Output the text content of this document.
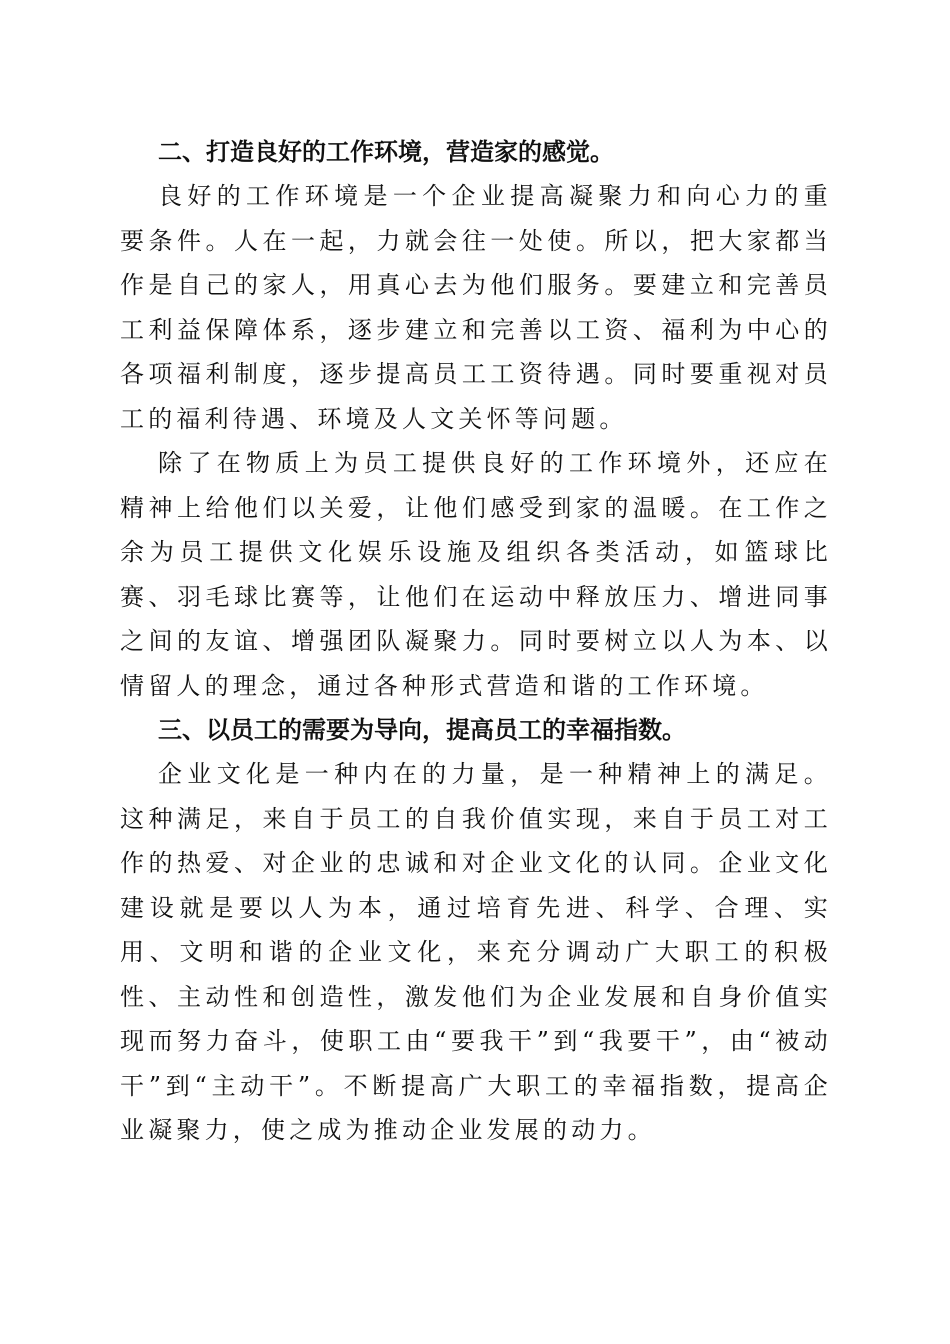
二、打造良好的工作环境，营造家的感觉。

良好的工作环境是一个企业提高凝聚力和向心力的重要条件。人在一起，力就会往一处使。所以，把大家都当作是自己的家人，用真心去为他们服务。要建立和完善员工利益保障体系，逐步建立和完善以工资、福利为中心的各项福利制度，逐步提高员工工资待遇。同时要重视对员工的福利待遇、环境及人文关怀等问题。

除了在物质上为员工提供良好的工作环境外，还应在精神上给他们以关爱，让他们感受到家的温暖。在工作之余为员工提供文化娱乐设施及组织各类活动，如篮球比赛、羽毛球比赛等，让他们在运动中释放压力、增进同事之间的友谊、增强团队凝聚力。同时要树立以人为本、以情留人的理念，通过各种形式营造和谐的工作环境。

三、以员工的需要为导向，提高员工的幸福指数。

企业文化是一种内在的力量，是一种精神上的满足。这种满足，来自于员工的自我价值实现，来自于员工对工作的热爱、对企业的忠诚和对企业文化的认同。企业文化建设就是要以人为本，通过培育先进、科学、合理、实用、文明和谐的企业文化，来充分调动广大职工的积极性、主动性和创造性，激发他们为企业发展和自身价值实现而努力奋斗，使职工由“要我干”到“我要干”，由“被动干”到“主动干”。不断提高广大职工的幸福指数，提高企业凝聚力，使之成为推动企业发展的动力。
